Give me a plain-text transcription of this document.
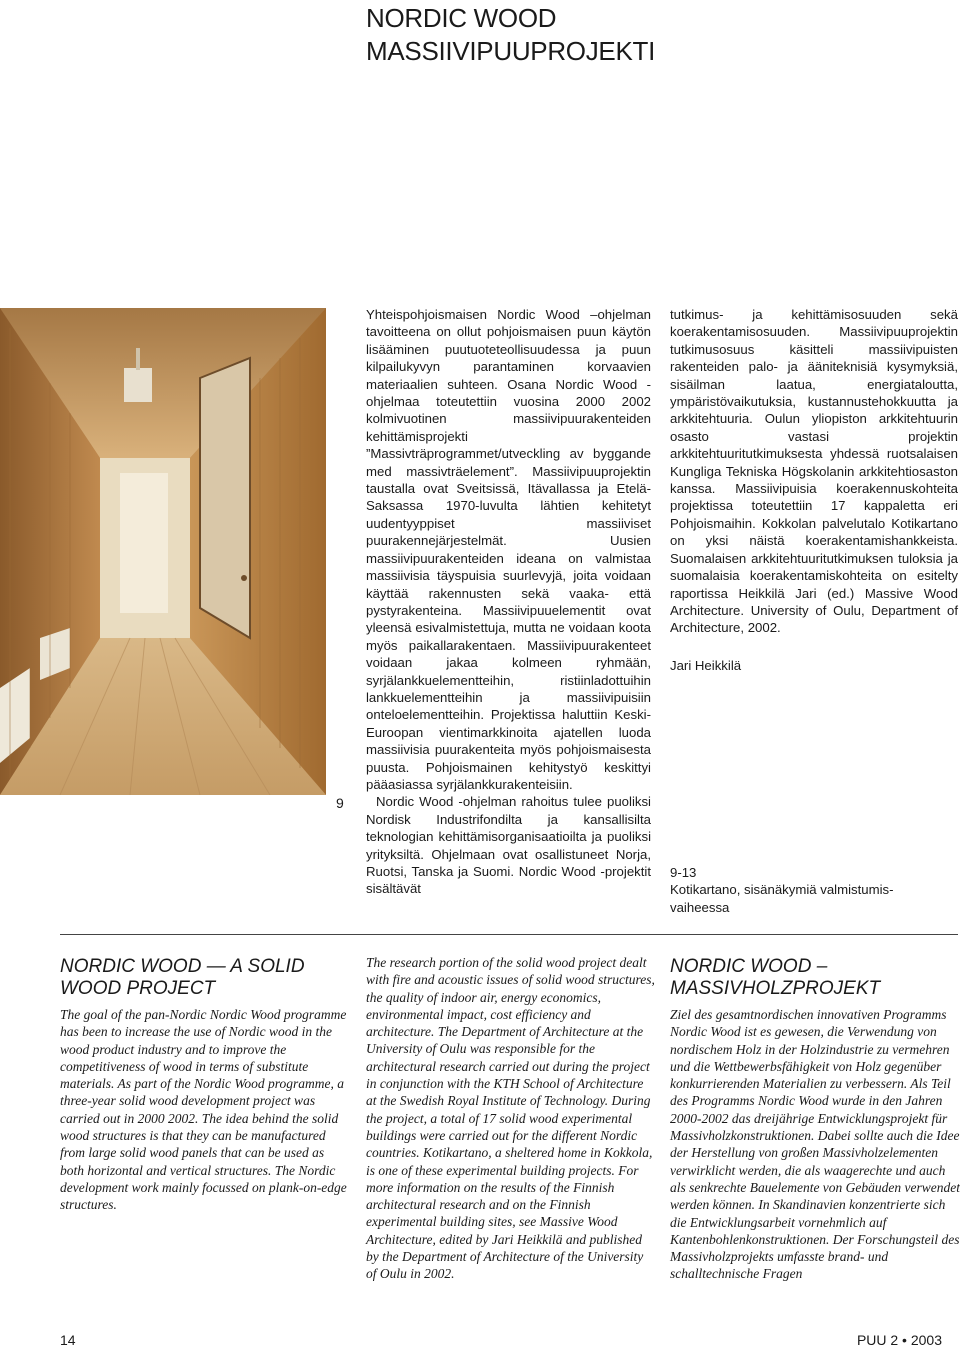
NORDIC WOOD
MASSIIVIPUUPROJEKTI
9

Yhteispohjoismaisen Nordic Wood –ohjelman tavoitteena on ollut pohjoismaisen puun käytön lisääminen puutuoteteollisuudessa ja puun kilpailukyvyn parantaminen korvaavien materiaalien suhteen. Osana Nordic Wood -ohjelmaa toteutettiin vuosina 2000 2002 kolmivuotinen massiivipuurakenteiden kehittämisprojekti ”Massivträprogrammet/utveckling av byggande med massivträelement”. Massiivipuuprojektin taustalla ovat Sveitsissä, Itävallassa ja Etelä-Saksassa 1970-luvulta lähtien kehitetyt uudentyyppiset massiiviset puurakennejärjestelmät. Uusien massiivipuurakenteiden ideana on valmistaa massiivisia täyspuisia suurlevyjä, joita voidaan käyttää rakennusten sekä vaaka- että pystyrakenteina. Massiivipuuelementit ovat yleensä esivalmistettuja, mutta ne voidaan koota myös paikallarakentaen. Massiivipuurakenteet voidaan jakaa kolmeen ryhmään, syrjälankkuelementteihin, ristiinladottuihin lankkuelementteihin ja massiivipuisiin onteloelementteihin. Projektissa haluttiin Keski-Euroopan vientimarkkinoita ajatellen luoda massiivisia puurakenteita myös pohjoismaisesta puusta. Pohjoismainen kehitystyö keskittyi pääasiassa syrjälankkurakenteisiin.

Nordic Wood -ohjelman rahoitus tulee puoliksi Nordisk Industrifondilta ja kansallisilta teknologian kehittämisorganisaatioilta ja puoliksi yrityksiltä. Ohjelmaan ovat osallistuneet Norja, Ruotsi, Tanska ja Suomi. Nordic Wood -projektit sisältävät

tutkimus- ja kehittämisosuuden sekä koerakentamisosuuden. Massiivipuuprojektin tutkimusosuus käsitteli massiivipuisten rakenteiden palo- ja ääniteknisiä kysymyksiä, sisäilman laatua, energiataloutta, ympäristövaikutuksia, kustannustehokkuutta ja arkkitehtuuria. Oulun yliopiston arkkitehtuurin osasto vastasi projektin arkkitehtuuritutkimuksesta yhdessä ruotsalaisen Kungliga Tekniska Högskolanin arkkitehtiosaston kanssa. Massiivipuisia koerakennuskohteita projektissa toteutettiin 17 kappaletta eri Pohjoismaihin. Kokkolan palvelutalo Kotikartano on yksi näistä koerakentamishankkeista. Suomalaisen arkkitehtuuritutkimuksen tuloksia ja suomalaisia koerakentamiskohteita on esitelty raportissa Heikkilä Jari (ed.) Massive Wood Architecture. University of Oulu, Department of Architecture, 2002.

Jari Heikkilä

9-13
Kotikartano, sisänäkymiä valmistumis-
vaiheessa
NORDIC WOOD — A SOLID
WOOD PROJECT

The goal of the pan-Nordic Nordic Wood programme has been to increase the use of Nordic wood in the wood product industry and to improve the competitiveness of wood in terms of substitute materials. As part of the Nordic Wood programme, a three-year solid wood development project was carried out in 2000 2002. The idea behind the solid wood structures is that they can be manufactured from large solid wood panels that can be used as both horizontal and vertical structures. The Nordic development work mainly focussed on plank-on-edge structures.

The research portion of the solid wood project dealt with fire and acoustic issues of solid wood structures, the quality of indoor air, energy economics, environmental impact, cost efficiency and architecture. The Department of Architecture at the University of Oulu was responsible for the architectural research carried out during the project in conjunction with the KTH School of Architecture at the Swedish Royal Institute of Technology. During the project, a total of 17 solid wood experimental buildings were carried out for the different Nordic countries. Kotikartano, a sheltered home in Kokkola, is one of these experimental building projects. For more information on the results of the Finnish architectural research and on the Finnish experimental building sites, see Massive Wood Architecture, edited by Jari Heikkilä and published by the Department of Architecture of the University of Oulu in 2002.

NORDIC WOOD –
MASSIVHOLZPROJEKT

Ziel des gesamtnordischen innovativen Programms Nordic Wood ist es gewesen, die Verwendung von nordischem Holz in der Holzindustrie zu vermehren und die Wettbewerbsfähigkeit von Holz gegenüber konkurrierenden Materialien zu verbessern. Als Teil des Programms Nordic Wood wurde in den Jahren 2000-2002 das dreijährige Entwicklungsprojekt für Massivholzkonstruktionen. Dabei sollte auch die Idee der Herstellung von großen Massivholzelementen verwirklicht werden, die als waagerechte und auch als senkrechte Bauelemente von Gebäuden verwendet werden können. In Skandinavien konzentrierte sich die Entwicklungsarbeit vornehmlich auf Kantenbohlenkonstruktionen. Der Forschungsteil des Massivholzprojekts umfasste brand- und schalltechnische Fragen

14	PUU 2 • 2003
